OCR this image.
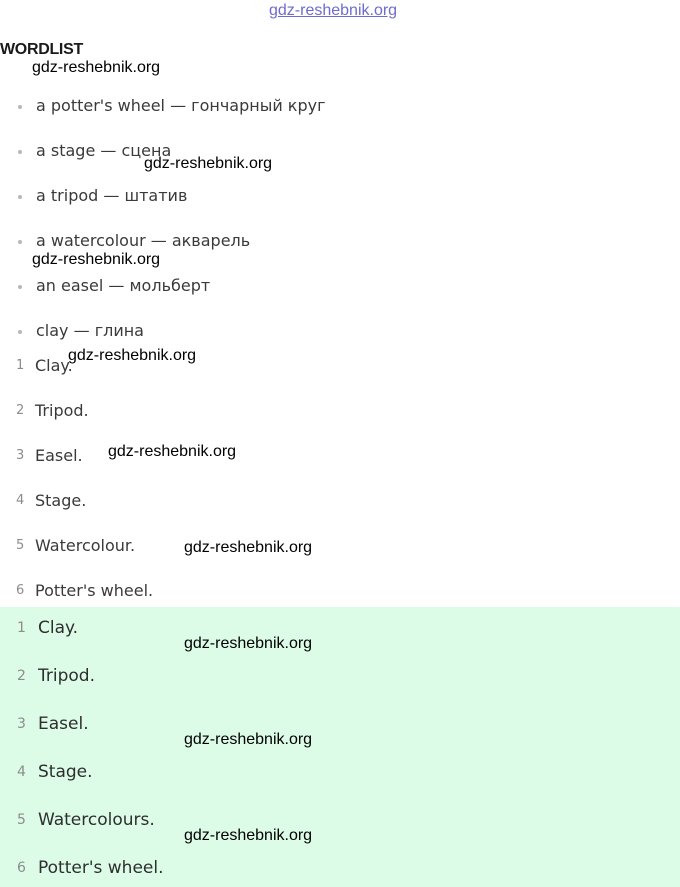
gdz-reshebnik.org
WORDLIST
a potter's wheel — гончарный круг
a stage — сцена
a tripod — штатив
a watercolour — акварель
an easel — мольберт
clay — глина
1 Clay.
2 Tripod.
3 Easel.
4 Stage.
5 Watercolour.
6 Potter's wheel.
1 Clay.
2 Tripod.
3 Easel.
4 Stage.
5 Watercolours.
6 Potter's wheel.
gdz-reshebnik.org
gdz-reshebnik.org
gdz-reshebnik.org
gdz-reshebnik.org
gdz-reshebnik.org
gdz-reshebnik.org
gdz-reshebnik.org
gdz-reshebnik.org
gdz-reshebnik.org
